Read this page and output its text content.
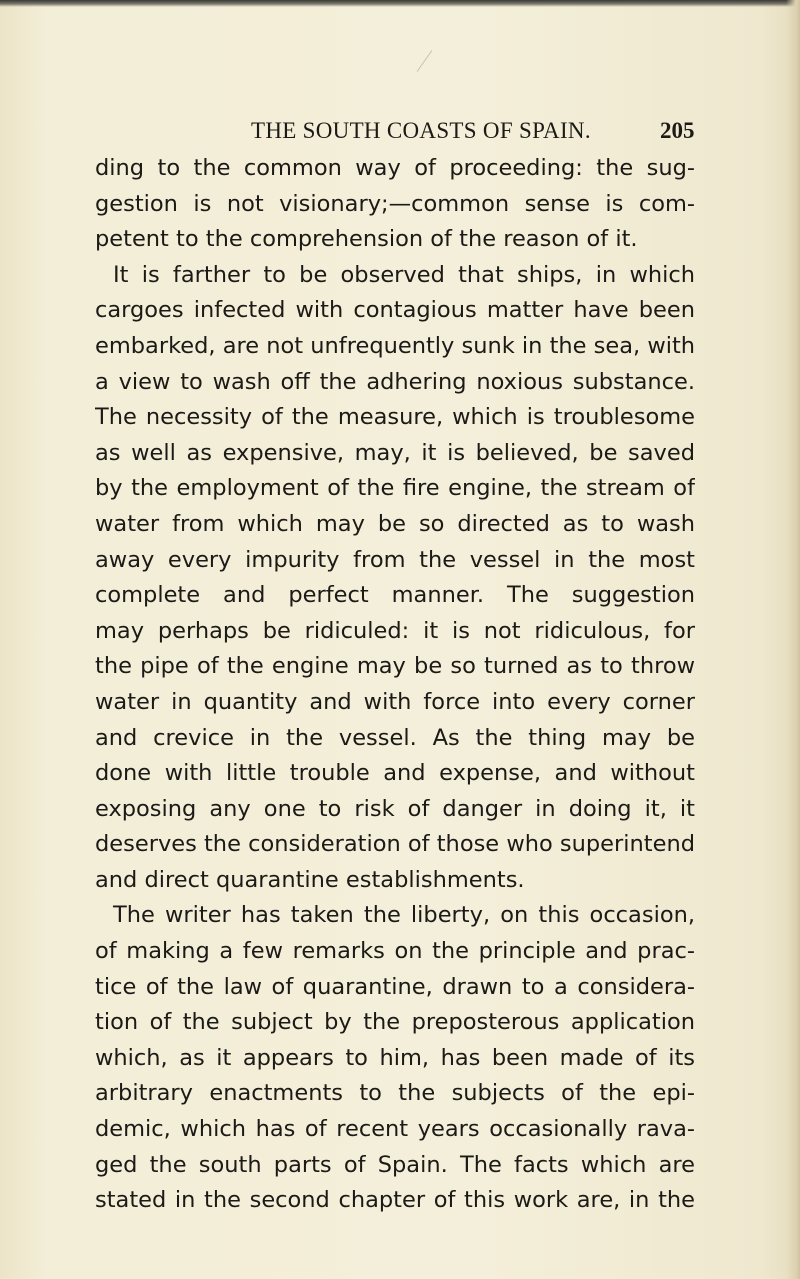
THE SOUTH COASTS OF SPAIN.	205
ding to the common way of proceeding: the sug-
gestion is not visionary;—common sense is com-
petent to the comprehension of the reason of it.
It is farther to be observed that ships, in which
cargoes infected with contagious matter have been
embarked, are not unfrequently sunk in the sea, with
a view to wash off the adhering noxious substance.
The necessity of the measure, which is troublesome
as well as expensive, may, it is believed, be saved
by the employment of the fire engine, the stream of
water from which may be so directed as to wash
away every impurity from the vessel in the most
complete and perfect manner. The suggestion
may perhaps be ridiculed: it is not ridiculous, for
the pipe of the engine may be so turned as to throw
water in quantity and with force into every corner
and crevice in the vessel. As the thing may be
done with little trouble and expense, and without
exposing any one to risk of danger in doing it, it
deserves the consideration of those who superintend
and direct quarantine establishments.
The writer has taken the liberty, on this occasion,
of making a few remarks on the principle and prac-
tice of the law of quarantine, drawn to a considera-
tion of the subject by the preposterous application
which, as it appears to him, has been made of its
arbitrary enactments to the subjects of the epi-
demic, which has of recent years occasionally rava-
ged the south parts of Spain. The facts which are
stated in the second chapter of this work are, in the
